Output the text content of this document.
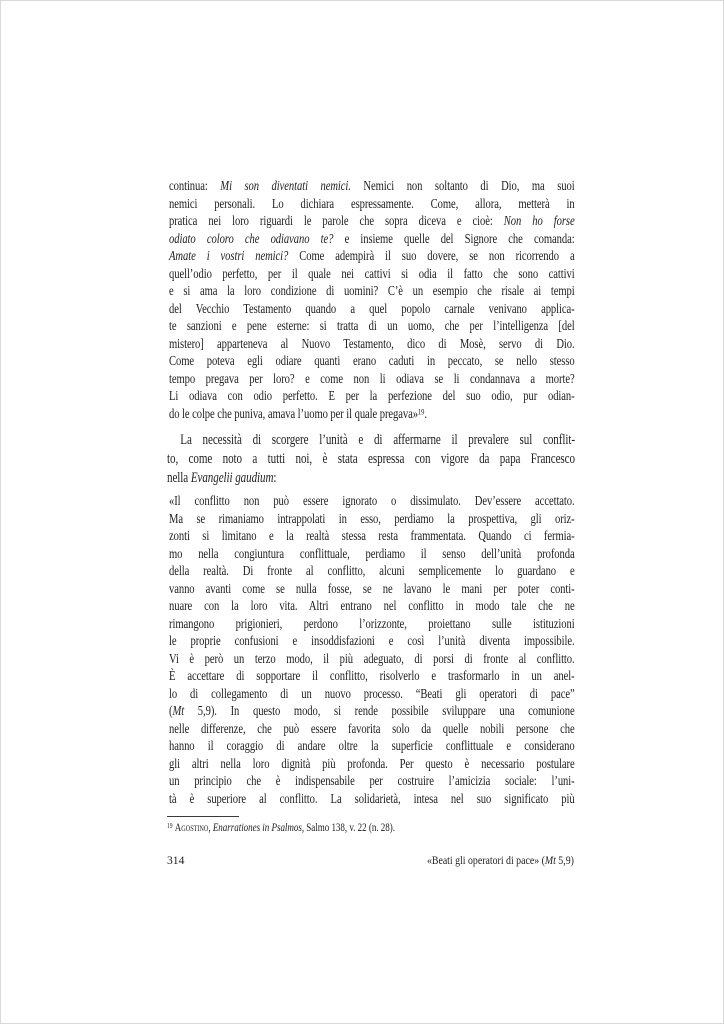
continua: Mi son diventati nemici. Nemici non soltanto di Dio, ma suoi
nemici personali. Lo dichiara espressamente. Come, allora, metterà in
pratica nei loro riguardi le parole che sopra diceva e cioè: Non ho forse
odiato coloro che odiavano te? e insieme quelle del Signore che comanda:
Amate i vostri nemici? Come adempirà il suo dovere, se non ricorrendo a
quell’odio perfetto, per il quale nei cattivi si odia il fatto che sono cattivi
e si ama la loro condizione di uomini? C’è un esempio che risale ai tempi
del Vecchio Testamento quando a quel popolo carnale venivano applica-
te sanzioni e pene esterne: si tratta di un uomo, che per l’intelligenza [del
mistero] apparteneva al Nuovo Testamento, dico di Mosè, servo di Dio.
Come poteva egli odiare quanti erano caduti in peccato, se nello stesso
tempo pregava per loro? e come non li odiava se li condannava a morte?
Li odiava con odio perfetto. E per la perfezione del suo odio, pur odian-
do le colpe che puniva, amava l’uomo per il quale pregava»$^{19}$.
La necessità di scorgere l’unità e di affermarne il prevalere sul conflit-
to, come noto a tutti noi, è stata espressa con vigore da papa Francesco
nella Evangelii gaudium:
«Il conflitto non può essere ignorato o dissimulato. Dev’essere accettato.
Ma se rimaniamo intrappolati in esso, perdiamo la prospettiva, gli oriz-
zonti si limitano e la realtà stessa resta frammentata. Quando ci fermia-
mo nella congiuntura conflittuale, perdiamo il senso dell’unità profonda
della realtà. Di fronte al conflitto, alcuni semplicemente lo guardano e
vanno avanti come se nulla fosse, se ne lavano le mani per poter conti-
nuare con la loro vita. Altri entrano nel conflitto in modo tale che ne
rimangono prigionieri, perdono l’orizzonte, proiettano sulle istituzioni
le proprie confusioni e insoddisfazioni e così l’unità diventa impossibile.
Vi è però un terzo modo, il più adeguato, di porsi di fronte al conflitto.
È accettare di sopportare il conflitto, risolverlo e trasformarlo in un anel-
lo di collegamento di un nuovo processo. “Beati gli operatori di pace”
(Mt 5,9). In questo modo, si rende possibile sviluppare una comunione
nelle differenze, che può essere favorita solo da quelle nobili persone che
hanno il coraggio di andare oltre la superficie conflittuale e considerano
gli altri nella loro dignità più profonda. Per questo è necessario postulare
un principio che è indispensabile per costruire l’amicizia sociale: l’uni-
tà è superiore al conflitto. La solidarietà, intesa nel suo significato più
$^{19}$ Agostino, Enarrationes in Psalmos, Salmo 138, v. 22 (n. 28).
314	«Beati gli operatori di pace» (Mt 5,9)
